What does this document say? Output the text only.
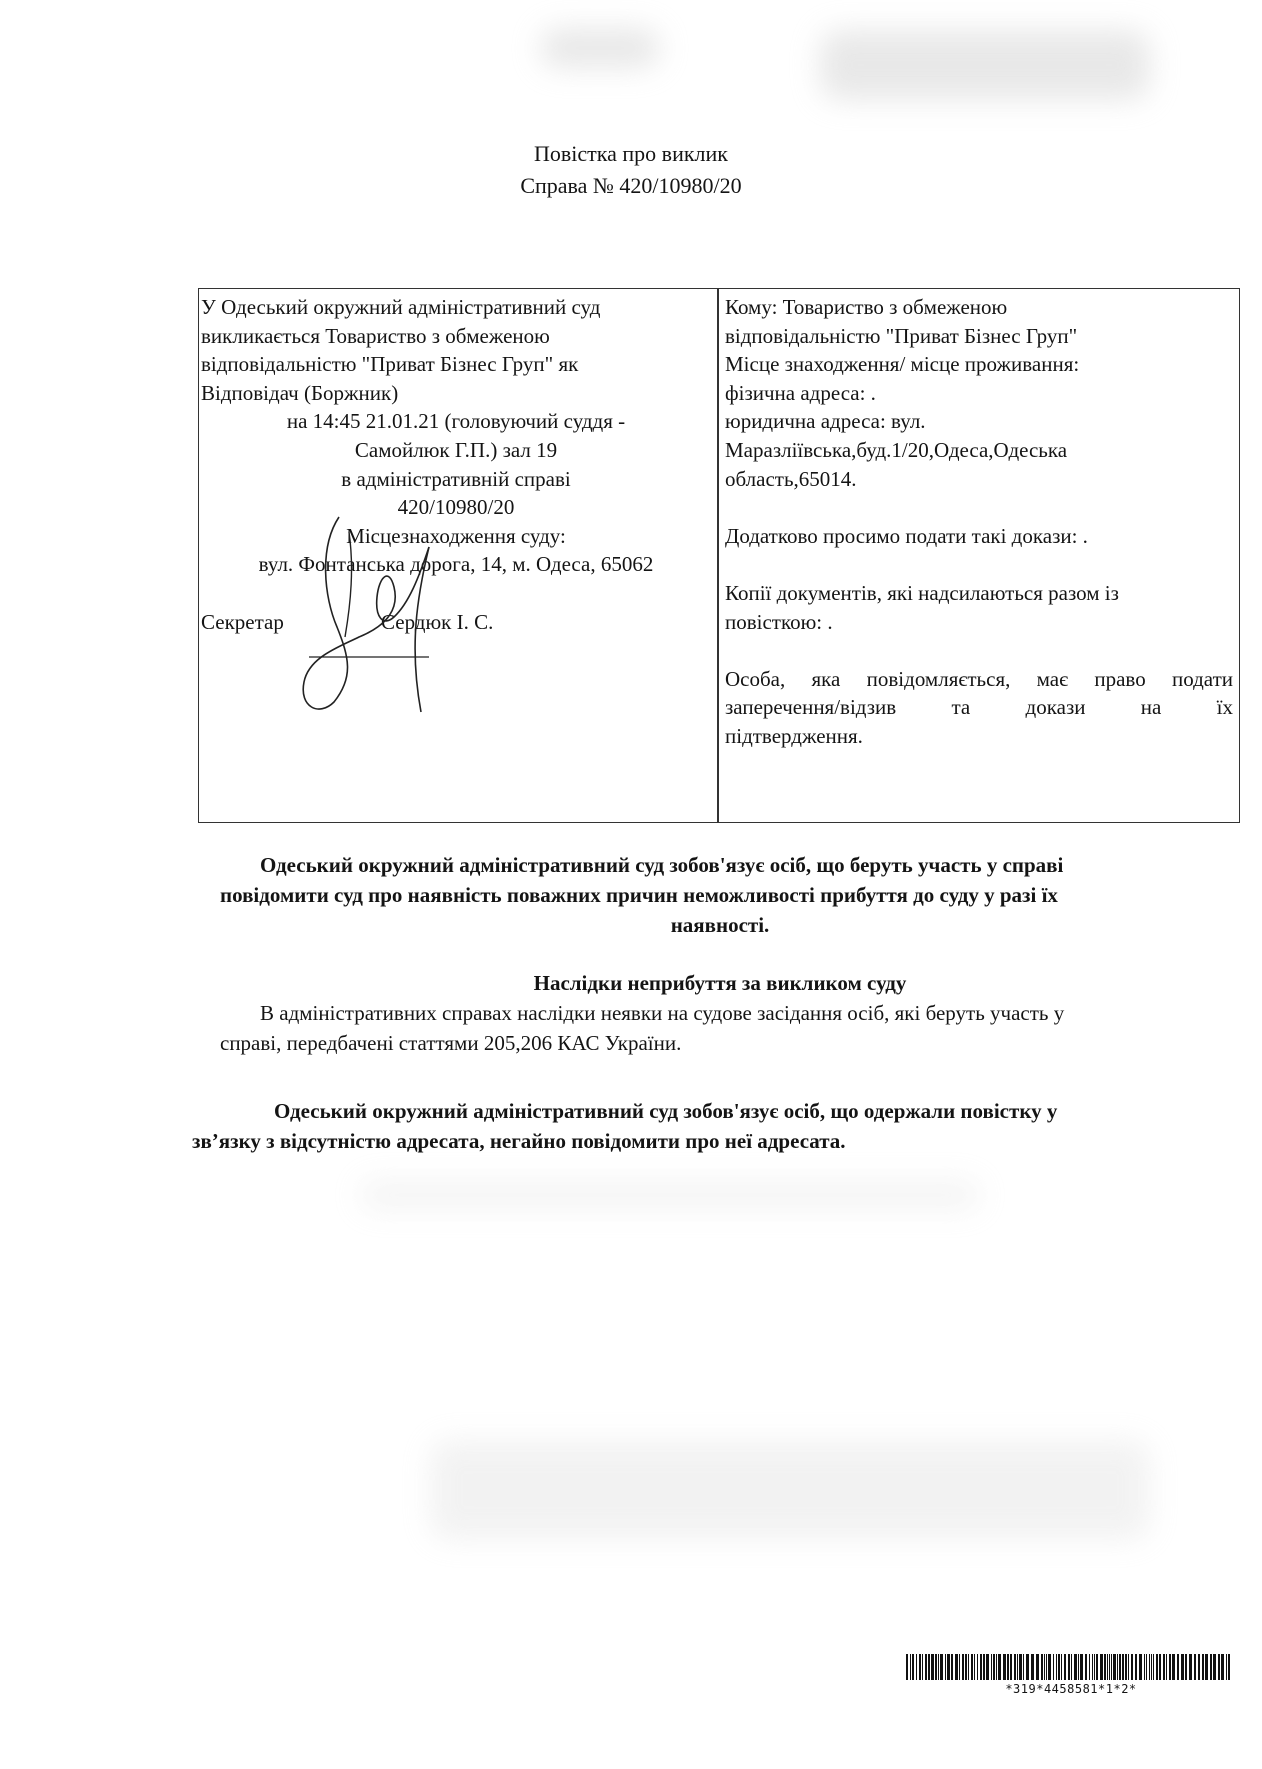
Повістка про виклик
Справа № 420/10980/20
У Одеський окружний адміністративний суд
викликається Товариство з обмеженою
відповідальністю "Приват Бізнес Груп" як
Відповідач (Боржник)
на 14:45 21.01.21 (головуючий суддя -
Самойлюк Г.П.) зал 19
в адміністративній справі
420/10980/20
Місцезнаходження суду:
вул. Фонтанська дорога, 14, м. Одеса, 65062
Секретар	Сердюк І. С.
Кому: Товариство з обмеженою
відповідальністю "Приват Бізнес Груп"
Місце знаходження/ місце проживання:
фізична адреса: .
юридична адреса: вул.
Маразліївська,буд.1/20,Одеса,Одеська
область,65014.
Додатково просимо подати такі докази: .
Копії документів, які надсилаються разом із
повісткою: .
Особа, яка повідомляється, має право подати
заперечення/відзив та докази на їх
підтвердження.
Одеський окружний адміністративний суд зобов'язує осіб, що беруть участь у справі
повідомити суд про наявність поважних причин неможливості прибуття до суду у разі їх
наявності.
Наслідки неприбуття за викликом суду
В адміністративних справах наслідки неявки на судове засідання осіб, які беруть участь у
справі, передбачені статтями 205,206 КАС України.
Одеський окружний адміністративний суд зобов'язує осіб, що одержали повістку у
зв’язку з відсутністю адресата, негайно повідомити про неї адресата.
*319*4458581*1*2*
